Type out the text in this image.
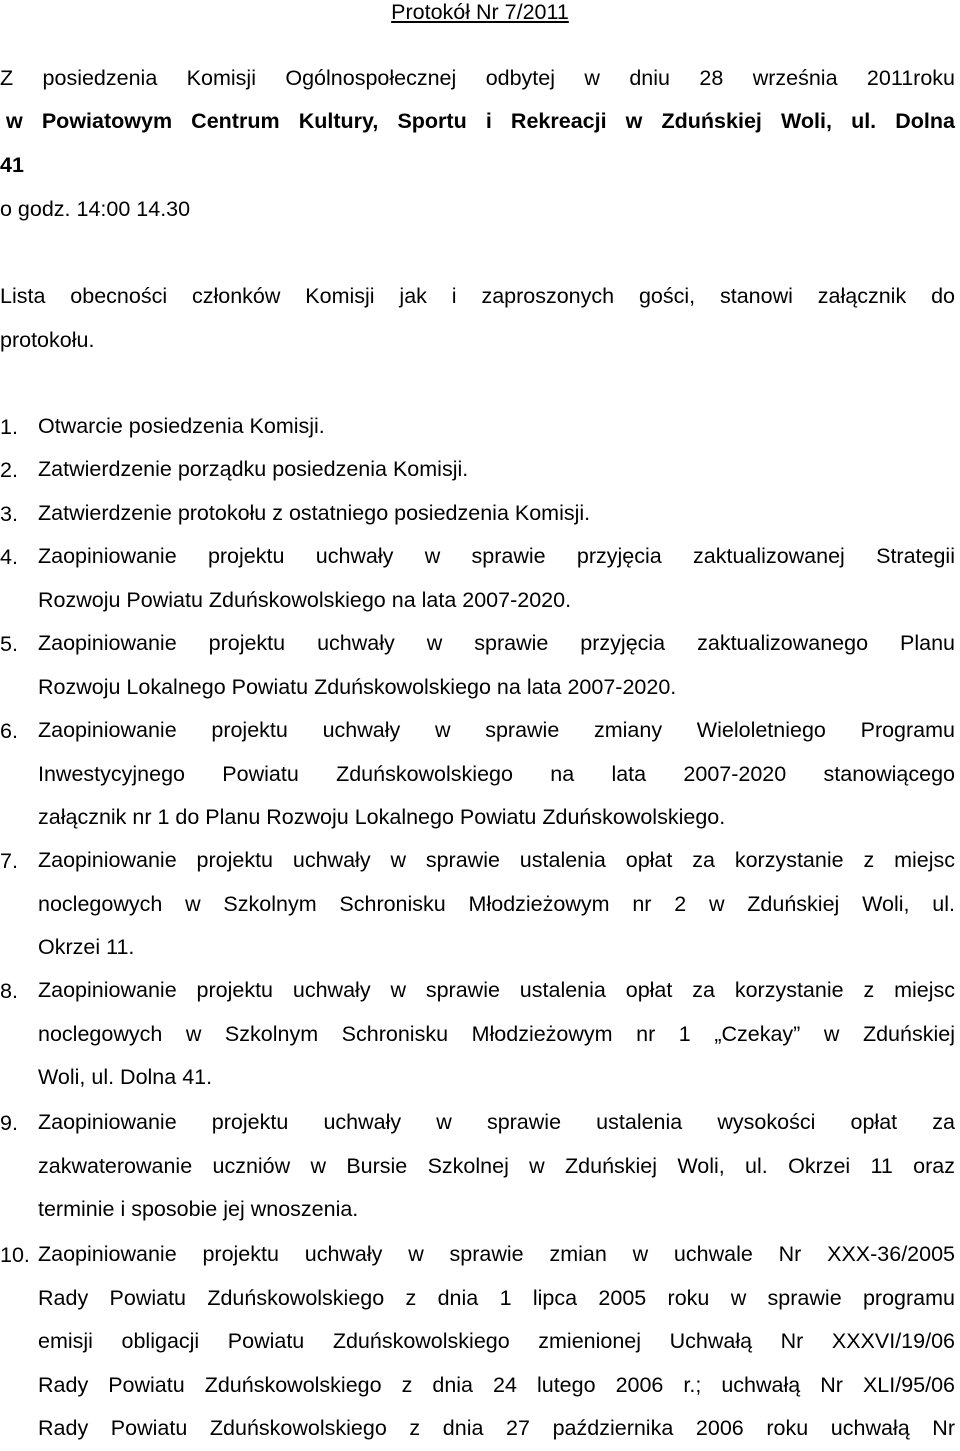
Protokół Nr 7/2011
Z posiedzenia Komisji Ogólnospołecznej odbytej w dniu 28 września 2011roku
w Powiatowym Centrum Kultury, Sportu i Rekreacji w Zduńskiej Woli, ul. Dolna
41
o godz. 14:00 14.30
Lista obecności członków Komisji jak i zaproszonych gości, stanowi załącznik do
protokołu.
1. Otwarcie posiedzenia Komisji.
2. Zatwierdzenie porządku posiedzenia Komisji.
3. Zatwierdzenie protokołu z ostatniego posiedzenia Komisji.
4. Zaopiniowanie projektu uchwały w sprawie przyjęcia zaktualizowanej Strategii
Rozwoju Powiatu Zduńskowolskiego na lata 2007-2020.
5. Zaopiniowanie projektu uchwały w sprawie przyjęcia zaktualizowanego Planu
Rozwoju Lokalnego Powiatu Zduńskowolskiego na lata 2007-2020.
6. Zaopiniowanie projektu uchwały w sprawie zmiany Wieloletniego Programu
Inwestycyjnego Powiatu Zduńskowolskiego na lata 2007-2020 stanowiącego
załącznik nr 1 do Planu Rozwoju Lokalnego Powiatu Zduńskowolskiego.
7. Zaopiniowanie projektu uchwały w sprawie ustalenia opłat za korzystanie z miejsc
noclegowych w Szkolnym Schronisku Młodzieżowym nr 2 w Zduńskiej Woli, ul.
Okrzei 11.
8. Zaopiniowanie projektu uchwały w sprawie ustalenia opłat za korzystanie z miejsc
noclegowych w Szkolnym Schronisku Młodzieżowym nr 1 „Czekay” w Zduńskiej
Woli, ul. Dolna 41.
9. Zaopiniowanie projektu uchwały w sprawie ustalenia wysokości opłat za
zakwaterowanie uczniów w Bursie Szkolnej w Zduńskiej Woli, ul. Okrzei 11 oraz
terminie i sposobie jej wnoszenia.
10. Zaopiniowanie projektu uchwały w sprawie zmian w uchwale Nr XXX-36/2005
Rady Powiatu Zduńskowolskiego z dnia 1 lipca 2005 roku w sprawie programu
emisji obligacji Powiatu Zduńskowolskiego zmienionej Uchwałą Nr XXXVI/19/06
Rady Powiatu Zduńskowolskiego z dnia 24 lutego 2006 r.; uchwałą Nr XLI/95/06
Rady Powiatu Zduńskowolskiego z dnia 27 października 2006 roku uchwałą Nr
